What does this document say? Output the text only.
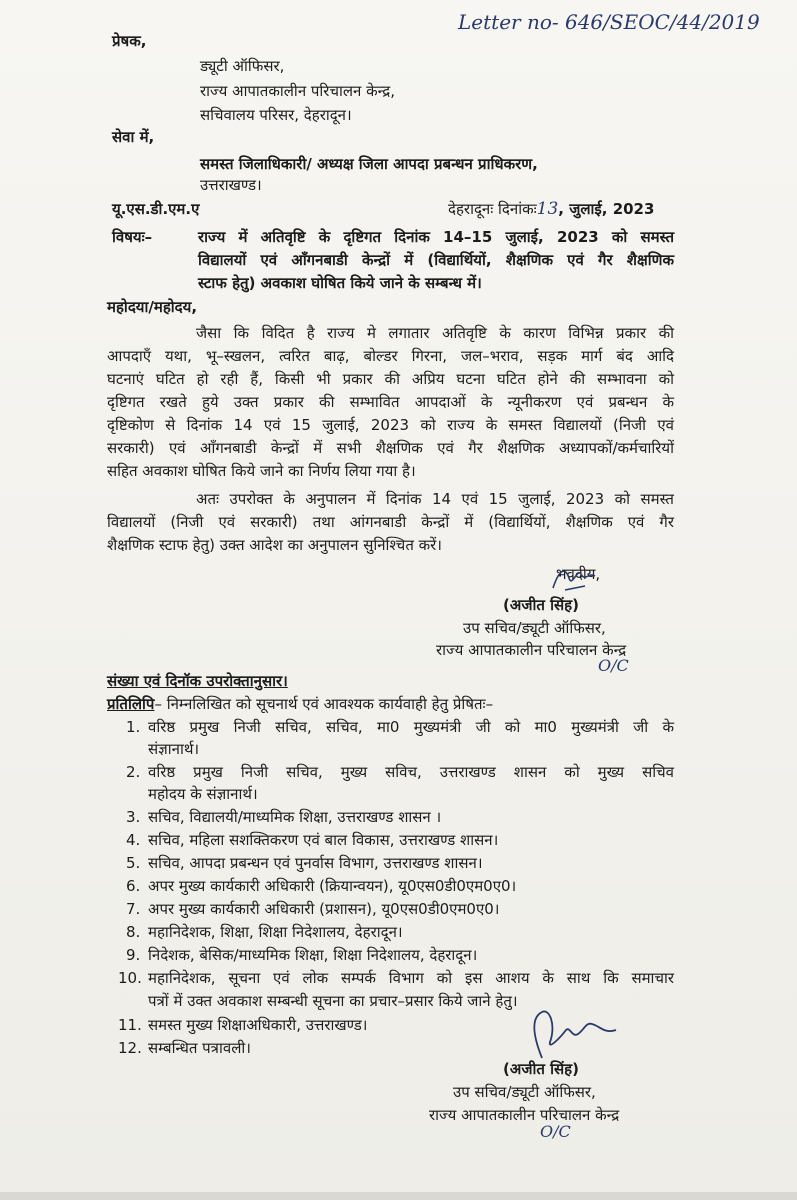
Letter no- 646/SEOC/44/2019
प्रेषक,
ड्यूटी ऑफिसर,
राज्य आपातकालीन परिचालन केन्द्र,
सचिवालय परिसर, देहरादून।
सेवा में,
समस्त जिलाधिकारी/ अध्यक्ष जिला आपदा प्रबन्धन प्राधिकरण,
उत्तराखण्ड।
यू.एस.डी.एम.ए	देहरादूनः दिनांकः13, जुलाई, 2023
विषयः–	राज्य में अतिवृष्टि के दृष्टिगत दिनांक 14–15 जुलाई, 2023 को समस्त
विद्यालयों एवं आँगनबाडी केन्द्रों में (विद्यार्थियों, शैक्षणिक एवं गैर शैक्षणिक
स्टाफ हेतु) अवकाश घोषित किये जाने के सम्बन्ध में।
महोदया/महोदय,
जैसा कि विदित है राज्य मे लगातार अतिवृष्टि के कारण विभिन्न प्रकार की
आपदाएँ यथा, भू–स्खलन, त्वरित बाढ़, बोल्डर गिरना, जल–भराव, सड़क मार्ग बंद आदि
घटनाएं घटित हो रही हैं, किसी भी प्रकार की अप्रिय घटना घटित होने की सम्भावना को
दृष्टिगत रखते हुये उक्त प्रकार की सम्भावित आपदाओं के न्यूनीकरण एवं प्रबन्धन के
दृष्टिकोण से दिनांक 14 एवं 15 जुलाई, 2023 को राज्य के समस्त विद्यालयों (निजी एवं
सरकारी) एवं आँगनबाडी केन्द्रों में सभी शैक्षणिक एवं गैर शैक्षणिक अध्यापकों/कर्मचारियों
सहित अवकाश घोषित किये जाने का निर्णय लिया गया है।
अतः उपरोक्त के अनुपालन में दिनांक 14 एवं 15 जुलाई, 2023 को समस्त
विद्यालयों (निजी एवं सरकारी) तथा आंगनबाडी केन्द्रों में (विद्यार्थियों, शैक्षणिक एवं गैर
शैक्षणिक स्टाफ हेतु) उक्त आदेश का अनुपालन सुनिश्चित करें।
भवदीय,
(अजीत सिंह)
उप सचिव/ड्यूटी ऑफिसर,
राज्य आपातकालीन परिचालन केन्द्र
O/C
संख्या एवं दिनॉक उपरोक्तानुसार।
प्रतिलिपि– निम्नलिखित को सूचनार्थ एवं आवश्यक कार्यवाही हेतु प्रेषितः–
1. वरिष्ठ प्रमुख निजी सचिव, सचिव, मा0 मुख्यमंत्री जी को मा0 मुख्यमंत्री जी के
संज्ञानार्थ।
2. वरिष्ठ प्रमुख निजी सचिव, मुख्य सविच, उत्तराखण्ड शासन को मुख्य सचिव
महोदय के संज्ञानार्थ।
3. सचिव, विद्यालयी/माध्यमिक शिक्षा, उत्तराखण्ड शासन ।
4. सचिव, महिला सशक्तिकरण एवं बाल विकास, उत्तराखण्ड शासन।
5. सचिव, आपदा प्रबन्धन एवं पुनर्वास विभाग, उत्तराखण्ड शासन।
6. अपर मुख्य कार्यकारी अधिकारी (क्रियान्वयन), यू0एस0डी0एम0ए0।
7. अपर मुख्य कार्यकारी अधिकारी (प्रशासन), यू0एस0डी0एम0ए0।
8. महानिदेशक, शिक्षा, शिक्षा निदेशालय, देहरादून।
9. निदेशक, बेसिक/माध्यमिक शिक्षा, शिक्षा निदेशालय, देहरादून।
10. महानिदेशक, सूचना एवं लोक सम्पर्क विभाग को इस आशय के साथ कि समाचार
पत्रों में उक्त अवकाश सम्बन्धी सूचना का प्रचार–प्रसार किये जाने हेतु।
11. समस्त मुख्य शिक्षाअधिकारी, उत्तराखण्ड।
12. सम्बन्धित पत्रावली।
(अजीत सिंह)
उप सचिव/ड्यूटी ऑफिसर,
राज्य आपातकालीन परिचालन केन्द्र
O/C
